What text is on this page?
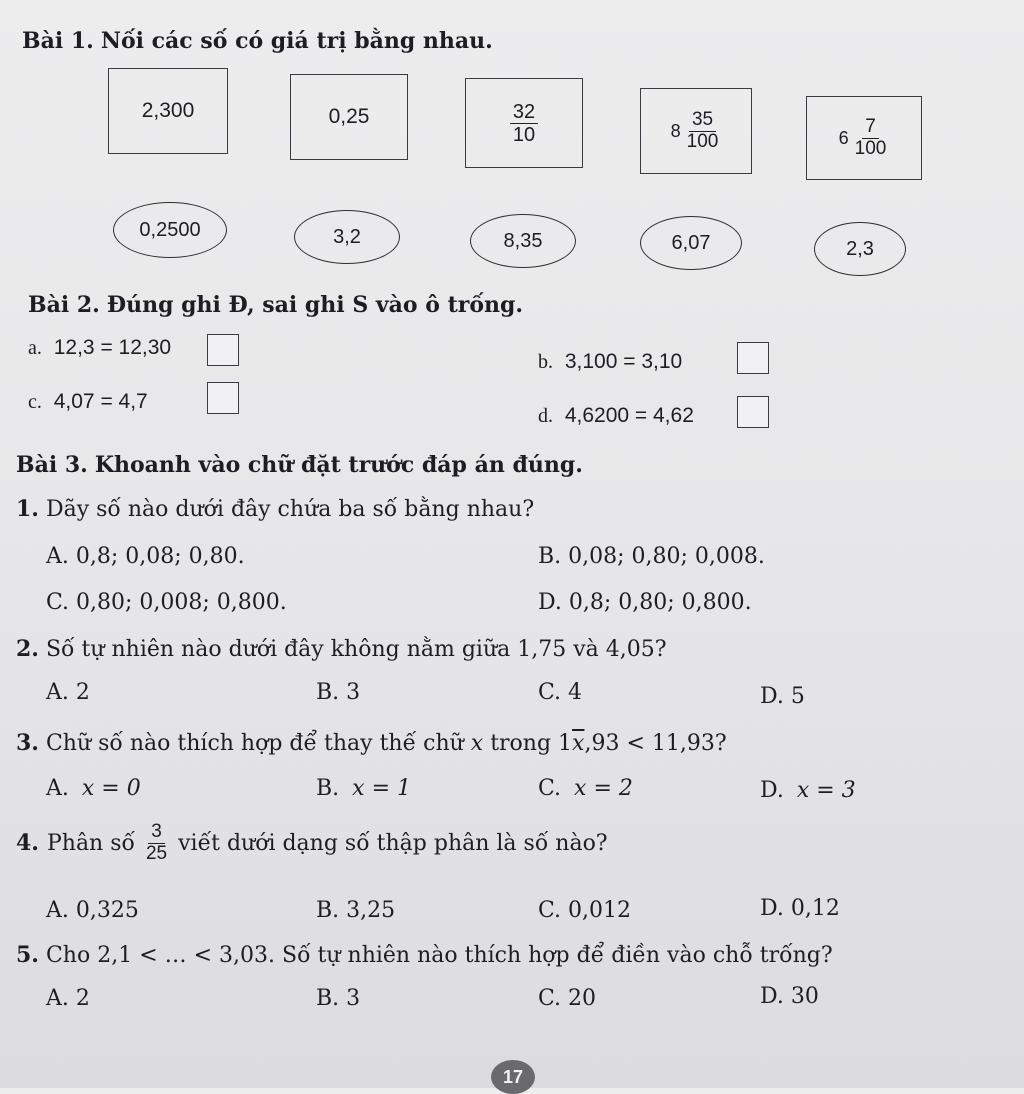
Bài 1. Nối các số có giá trị bằng nhau.
2,300	0,25	$\frac{32}{10}$	$8 \frac{35}{100}$	$6 \frac{7}{100}$
0,2500	3,2	8,35	6,07	2,3
Bài 2. Đúng ghi Đ, sai ghi S vào ô trống.
a. 12,3 = 12,30
b. 3,100 = 3,10
c. 4,07 = 4,7
d. 4,6200 = 4,62
Bài 3. Khoanh vào chữ đặt trước đáp án đúng.
1. Dãy số nào dưới đây chứa ba số bằng nhau?
A. 0,8; 0,08; 0,80.	B. 0,08; 0,80; 0,008.
C. 0,80; 0,008; 0,800.	D. 0,8; 0,80; 0,800.
2. Số tự nhiên nào dưới đây không nằm giữa 1,75 và 4,05?
A. 2	B. 3	C. 4	D. 5
3. Chữ số nào thích hợp để thay thế chữ x trong $1\overline{x},93 < 11,93$?
A. x = 0	B. x = 1	C. x = 2	D. x = 3
4. Phân số $\frac{3}{25}$ viết dưới dạng số thập phân là số nào?
A. 0,325	B. 3,25	C. 0,012	D. 0,12
5. Cho 2,1 < … < 3,03. Số tự nhiên nào thích hợp để điền vào chỗ trống?
A. 2	B. 3	C. 20	D. 30
17
